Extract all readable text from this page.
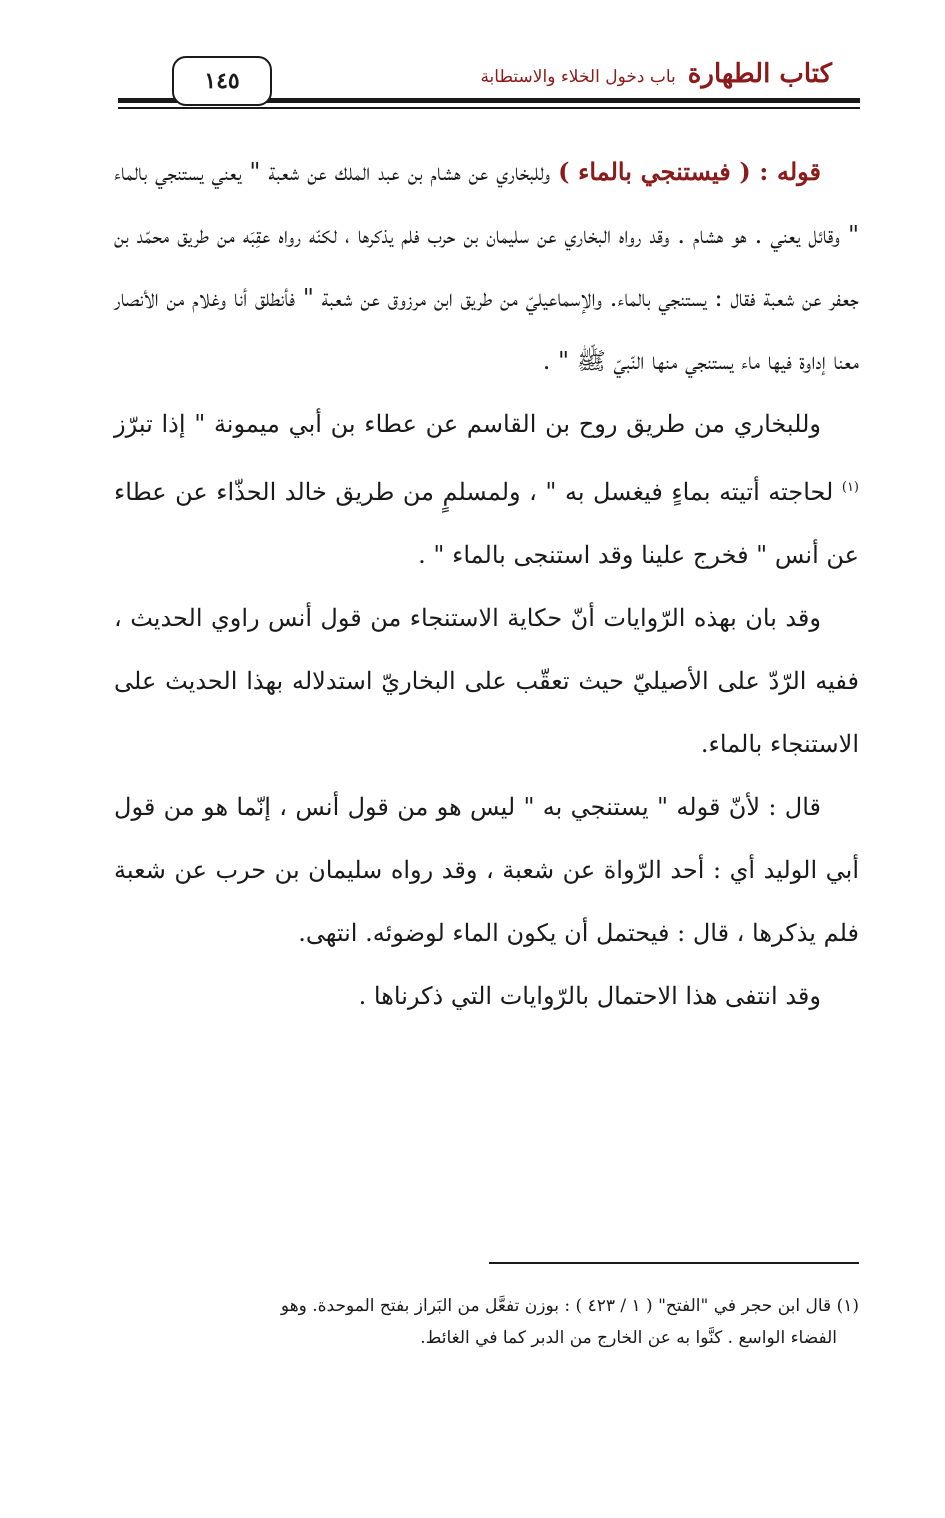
كتاب الطهارةباب دخول الخلاء والاستطابة
١٤٥

قوله : ( فيستنجي بالماء ) وللبخاري عن هشام بن عبد الملك عن شعبة " يعني يستنجي بالماء " وقائل يعني . هو هشام . وقد رواه البخاري عن سليمان بن حرب فلم يذكرها ، لكنّه رواه عقِبَه من طريق محمّد بن جعفر عن شعبة فقال : يستنجي بالماء. والإسماعيليّ من طريق ابن مرزوق عن شعبة " فأنطلق أنا وغلام من الأنصار معنا إداوة فيها ماء يستنجي منها النّبيّ ﷺ " .

وللبخاري من طريق روح بن القاسم عن عطاء بن أبي ميمونة " إذا تبرّز $^{(١)}$ لحاجته أتيته بماءٍ فيغسل به " ، ولمسلمٍ من طريق خالد الحذّاء عن عطاء عن أنس " فخرج علينا وقد استنجى بالماء " .

وقد بان بهذه الرّوايات أنّ حكاية الاستنجاء من قول أنس راوي الحديث ، ففيه الرّدّ على الأصيليّ حيث تعقّب على البخاريّ استدلاله بهذا الحديث على الاستنجاء بالماء.

قال : لأنّ قوله " يستنجي به " ليس هو من قول أنس ، إنّما هو من قول أبي الوليد أي : أحد الرّواة عن شعبة ، وقد رواه سليمان بن حرب عن شعبة فلم يذكرها ، قال : فيحتمل أن يكون الماء لوضوئه. انتهى.

وقد انتفى هذا الاحتمال بالرّوايات التي ذكرناها .

(١) قال ابن حجر في "الفتح" ( ١ / ٤٢٣ ) : بوزن تفعَّل من البَراز بفتح الموحدة. وهو

الفضاء الواسع . كنَّوا به عن الخارج من الدبر كما في الغائط.
